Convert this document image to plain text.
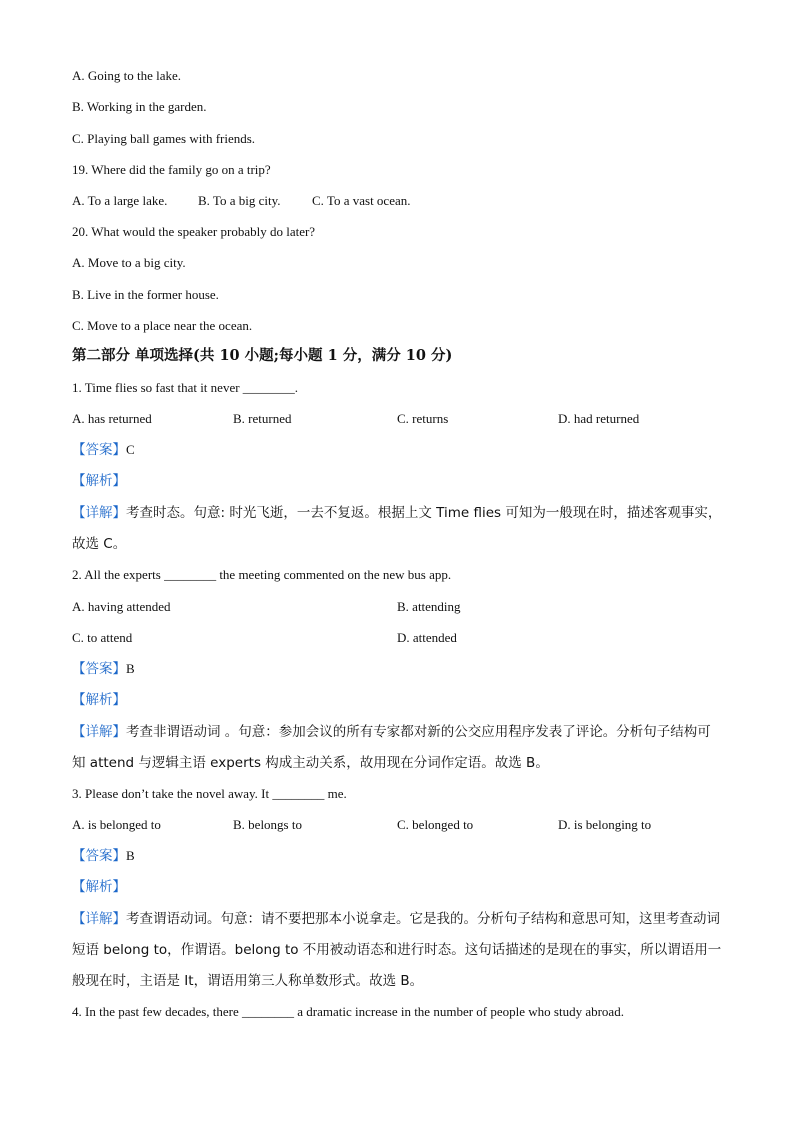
A. Going to the lake.
B. Working in the garden.
C. Playing ball games with friends.
19. Where did the family go on a trip?
A. To a large lake. B. To a big city. C. To a vast ocean.
20. What would the speaker probably do later?
A. Move to a big city.
B. Live in the former house.
C. Move to a place near the ocean.
第二部分 单项选择(共 10 小题;每小题 1 分，满分 10 分)
1. Time flies so fast that it never ________.
A. has returned	B. returned	C. returns	D. had returned
【答案】C
【解析】
【详解】考查时态。句意: 时光飞逝，一去不复返。根据上文 Time flies 可知为一般现在时，描述客观事实，故选 C。
2. All the experts ________ the meeting commented on the new bus app.
A. having attended	B. attending
C. to attend	D. attended
【答案】B
【解析】
【详解】考查非谓语动词 。句意：参加会议的所有专家都对新的公交应用程序发表了评论。分析句子结构可知 attend 与逻辑主语 experts 构成主动关系，故用现在分词作定语。故选 B。
3. Please don’t take the novel away. It ________ me.
A. is belonged to	B. belongs to	C. belonged to	D. is belonging to
【答案】B
【解析】
【详解】考查谓语动词。句意：请不要把那本小说拿走。它是我的。分析句子结构和意思可知，这里考查动词短语 belong to，作谓语。belong to 不用被动语态和进行时态。这句话描述的是现在的事实，所以谓语用一般现在时，主语是 It，谓语用第三人称单数形式。故选 B。
4. In the past few decades, there ________ a dramatic increase in the number of people who study abroad.
